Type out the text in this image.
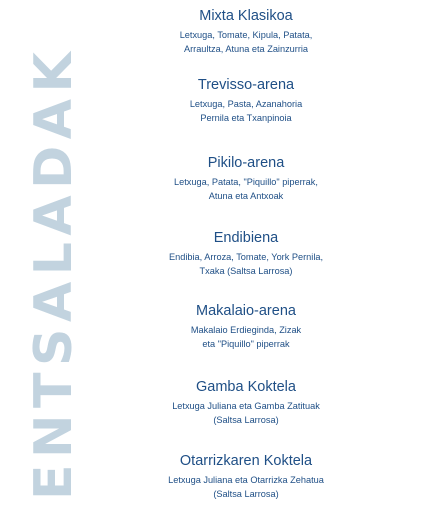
ENTSALADAK
Mixta Klasikoa
Letxuga, Tomate, Kipula, Patata,
Arraultza, Atuna eta Zainzurria
Trevisso-arena
Letxuga, Pasta, Azanahoria
Pernila eta Txanpinoia
Pikilo-arena
Letxuga, Patata, "Piquillo" piperrak,
Atuna eta Antxoak
Endibiena
Endibia, Arroza, Tomate, York Pernila,
Txaka (Saltsa Larrosa)
Makalaio-arena
Makalaio Erdieginda, Zizak
eta "Piquillo" piperrak
Gamba Koktela
Letxuga Juliana eta Gamba Zatituak
(Saltsa Larrosa)
Otarrizkaren Koktela
Letxuga Juliana eta Otarrizka Zehatua
(Saltsa Larrosa)
